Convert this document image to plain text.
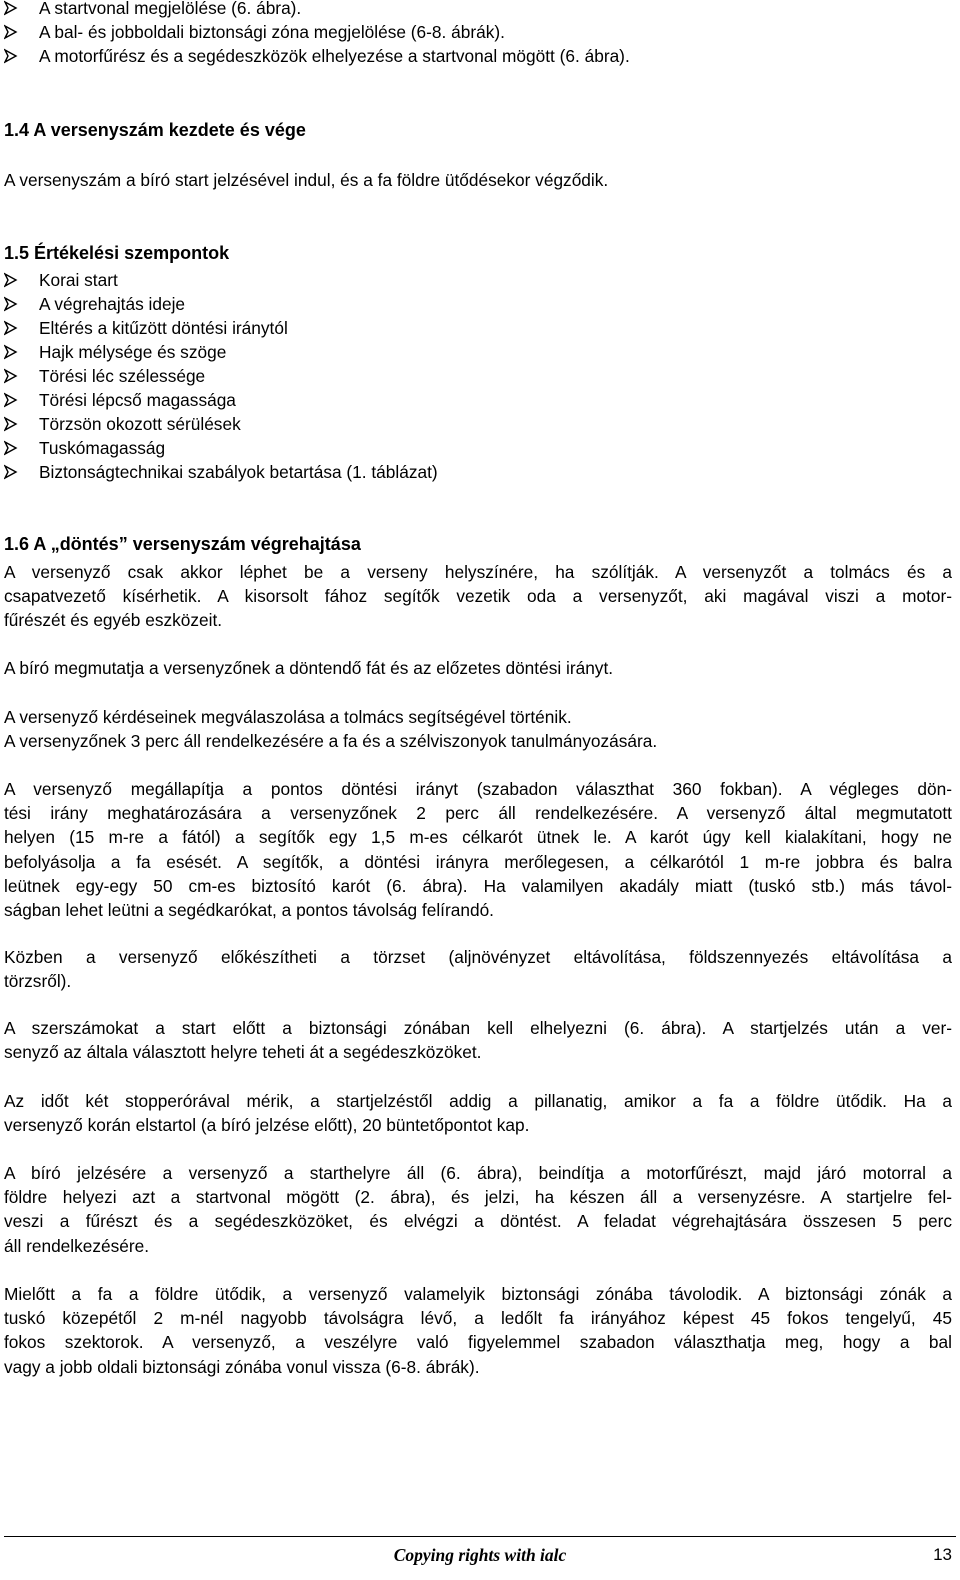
A startvonal megjelölése (6. ábra).
A bal- és jobboldali biztonsági zóna megjelölése (6-8. ábrák).
A motorfűrész és a segédeszközök elhelyezése a startvonal mögött (6. ábra).
1.4 A versenyszám kezdete és vége
A versenyszám a bíró start jelzésével indul, és a fa földre ütődésekor végződik.
1.5 Értékelési szempontok
Korai start
A végrehajtás ideje
Eltérés a kitűzött döntési iránytól
Hajk mélysége és szöge
Törési léc szélessége
Törési lépcső magassága
Törzsön okozott sérülések
Tuskómagasság
Biztonságtechnikai szabályok betartása (1. táblázat)
1.6 A „döntés” versenyszám végrehajtása
A versenyző csak akkor léphet be a verseny helyszínére, ha szólítják. A versenyzőt a tolmács és a
csapatvezető kísérhetik. A kisorsolt fához segítők vezetik oda a versenyzőt, aki magával viszi a motor-
fűrészét és egyéb eszközeit.
A bíró megmutatja a versenyzőnek a döntendő fát és az előzetes döntési irányt.
A versenyző kérdéseinek megválaszolása a tolmács segítségével történik.
A versenyzőnek 3 perc áll rendelkezésére a fa és a szélviszonyok tanulmányozására.
A versenyző megállapítja a pontos döntési irányt (szabadon választhat 360 fokban). A végleges dön-
tési irány meghatározására a versenyzőnek 2 perc áll rendelkezésére. A versenyző által megmutatott
helyen (15 m-re a fától) a segítők egy 1,5 m-es célkarót ütnek le. A karót úgy kell kialakítani, hogy ne
befolyásolja a fa esését. A segítők, a döntési irányra merőlegesen, a célkarótól 1 m-re jobbra és balra
leütnek egy-egy 50 cm-es biztosító karót (6. ábra). Ha valamilyen akadály miatt (tuskó stb.) más távol-
ságban lehet leütni a segédkarókat, a pontos távolság felírandó.
Közben a versenyző előkészítheti a törzset (aljnövényzet eltávolítása, földszennyezés eltávolítása a
törzsről).
A szerszámokat a start előtt a biztonsági zónában kell elhelyezni (6. ábra). A startjelzés után a ver-
senyző az általa választott helyre teheti át a segédeszközöket.
Az időt két stopperórával mérik, a startjelzéstől addig a pillanatig, amikor a fa a földre ütődik. Ha a
versenyző korán elstartol (a bíró jelzése előtt), 20 büntetőpontot kap.
A bíró jelzésére a versenyző a starthelyre áll (6. ábra), beindítja a motorfűrészt, majd járó motorral a
földre helyezi azt a startvonal mögött (2. ábra), és jelzi, ha készen áll a versenyzésre. A startjelre fel-
veszi a fűrészt és a segédeszközöket, és elvégzi a döntést. A feladat végrehajtására összesen 5 perc
áll rendelkezésére.
Mielőtt a fa a földre ütődik, a versenyző valamelyik biztonsági zónába távolodik. A biztonsági zónák a
tuskó közepétől 2 m-nél nagyobb távolságra lévő, a ledőlt fa irányához képest 45 fokos tengelyű, 45
fokos szektorok. A versenyző, a veszélyre való figyelemmel szabadon választhatja meg, hogy a bal
vagy a jobb oldali biztonsági zónába vonul vissza (6-8. ábrák).
Copying rights with ialc	13
